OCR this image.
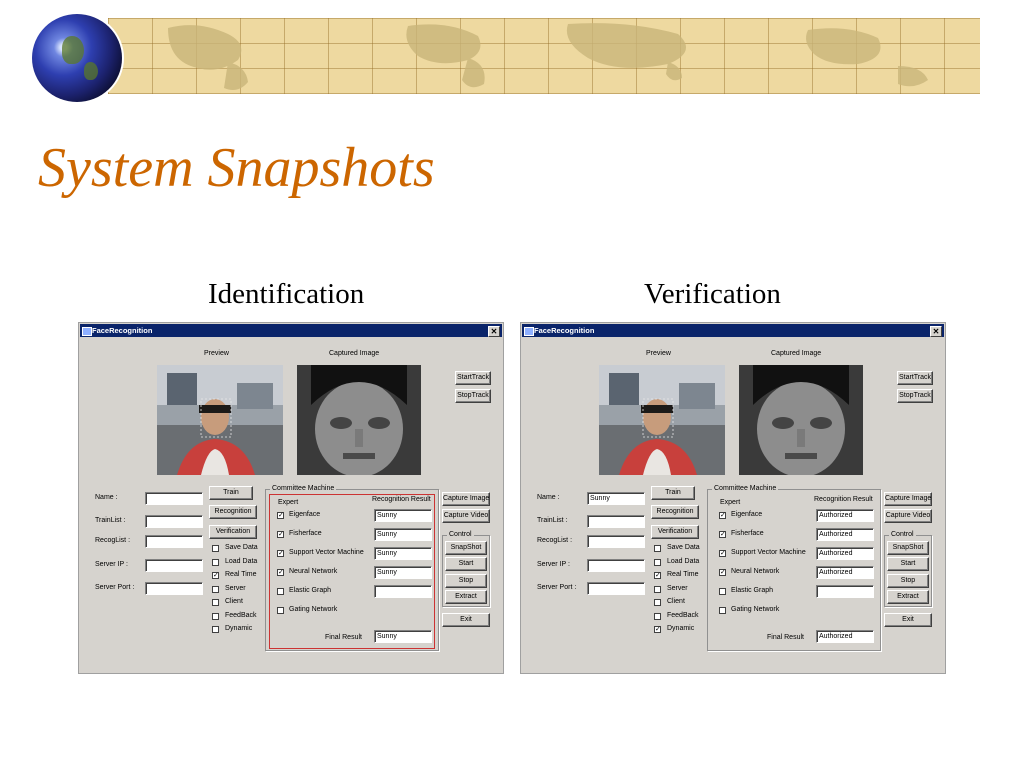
System Snapshots
Identification	Verification
FaceRecognition	✕
Preview	Captured Image
StartTrack
StopTrack
Name :
TrainList :
RecogList :
Server IP :
Server Port :
Train
Recognition
Verification
Save Data
Load Data
✓ Real Time
Server
Client
FeedBack
Dynamic
Committee Machine
Expert	Recognition Result
✓ Eigenface	Sunny
✓ Fisherface	Sunny
✓ Support Vector Machine	Sunny
✓ Neural Network	Sunny
Elastic Graph
Gating Network
Final Result	Sunny
Capture Image
Capture Video
Control
SnapShot
Start
Stop
Extract
Exit
FaceRecognition	✕
Preview	Captured Image
StartTrack
StopTrack
Name :	Sunny
TrainList :
RecogList :
Server IP :
Server Port :
Train
Recognition
Verification
Save Data
Load Data
✓ Real Time
Server
Client
FeedBack
✓ Dynamic
Committee Machine
Expert	Recognition Result
✓ Eigenface	Authorized
✓ Fisherface	Authorized
✓ Support Vector Machine	Authorized
✓ Neural Network	Authorized
Elastic Graph
Gating Network
Final Result	Authorized
Capture Image
Capture Video
Control
SnapShot
Start
Stop
Extract
Exit
